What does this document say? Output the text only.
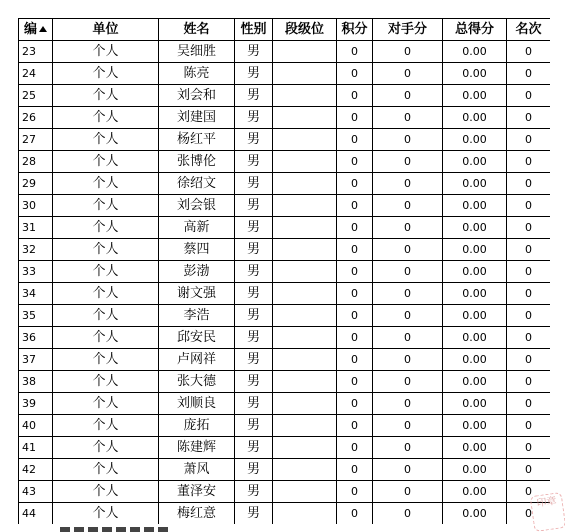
编	单位	姓名	性别	段级位	积分	对手分	总得分	名次
23	个人	吴细胜	男		0	0	0.00	0
24	个人	陈亮	男		0	0	0.00	0
25	个人	刘会和	男		0	0	0.00	0
26	个人	刘建国	男		0	0	0.00	0
27	个人	杨红平	男		0	0	0.00	0
28	个人	张博伦	男		0	0	0.00	0
29	个人	徐绍文	男		0	0	0.00	0
30	个人	刘会银	男		0	0	0.00	0
31	个人	高新	男		0	0	0.00	0
32	个人	蔡四	男		0	0	0.00	0
33	个人	彭渤	男		0	0	0.00	0
34	个人	谢文强	男		0	0	0.00	0
35	个人	李浩	男		0	0	0.00	0
36	个人	邱安民	男		0	0	0.00	0
37	个人	卢网祥	男		0	0	0.00	0
38	个人	张大德	男		0	0	0.00	0
39	个人	刘顺良	男		0	0	0.00	0
40	个人	庞拓	男		0	0	0.00	0
41	个人	陈建辉	男		0	0	0.00	0
42	个人	萧风	男		0	0	0.00	0
43	个人	董泽安	男		0	0	0.00	0
44	个人	梅红意	男		0	0	0.00	0
印章
